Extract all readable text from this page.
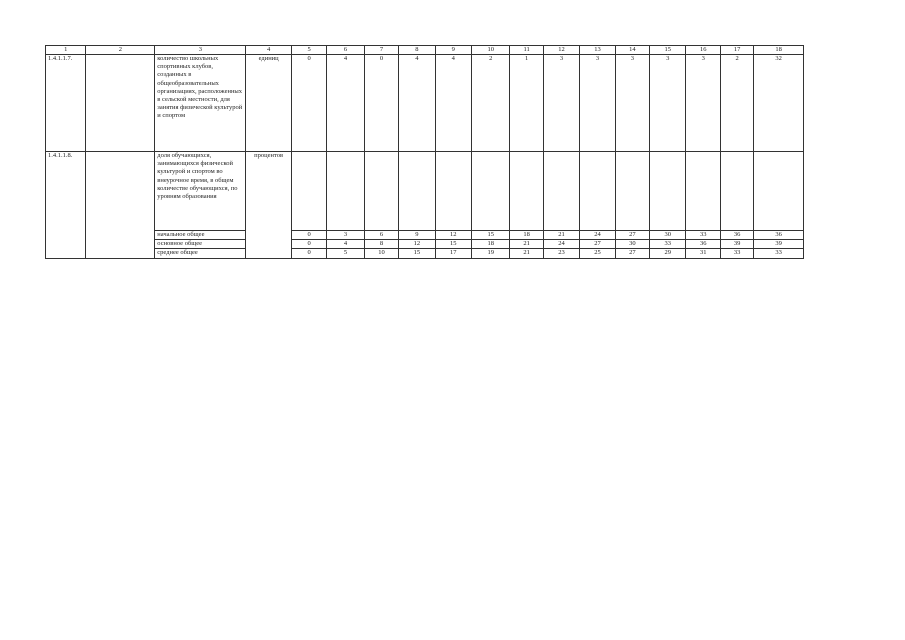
1	2	3	4	5	6	7	8	9	10	11	12	13	14	15	16	17	18
1.4.1.1.7.		количество школьных спортивных клубов, созданных в общеобразовательных организациях, расположенных в сельской местности, для занятия физической культурой и спортом	единиц	0	4	0	4	4	2	1	3	3	3	3	3	2	32
1.4.1.1.8.		доля обучающихся, занимающихся физической культурой и спортом во внеурочное время, в общем количестве обучающихся, по уровням образования	процентов														
		начальное общее		0	3	6	9	12	15	18	21	24	27	30	33	36	36
		основное общее		0	4	8	12	15	18	21	24	27	30	33	36	39	39
		среднее общее		0	5	10	15	17	19	21	23	25	27	29	31	33	33
